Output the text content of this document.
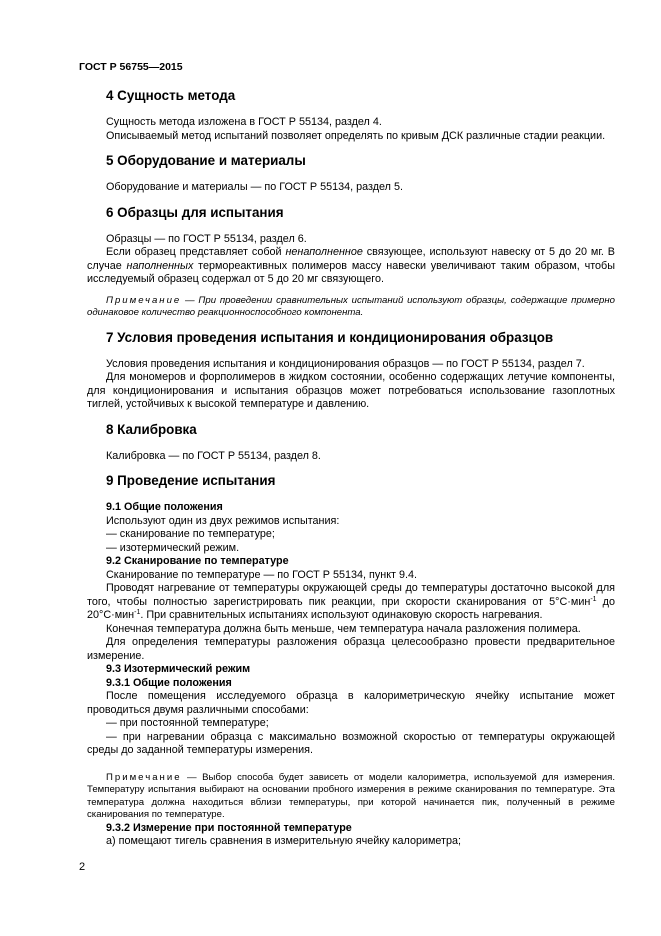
ГОСТ Р 56755—2015
4 Сущность метода

Сущность метода изложена в ГОСТ Р 55134, раздел 4.

Описываемый метод испытаний позволяет определять по кривым ДСК различные стадии реакции.

5 Оборудование и материалы

Оборудование и материалы — по ГОСТ Р 55134, раздел 5.

6 Образцы для испытания

Образцы — по ГОСТ Р 55134, раздел 6.

Если образец представляет собой ненаполненное связующее, используют навеску от 5 до 20 мг. В случае наполненных термореактивных полимеров массу навески увеличивают таким образом, чтобы исследуемый образец содержал от 5 до 20 мг связующего.

Примечание — При проведении сравнительных испытаний используют образцы, содержащие примерно одинаковое количество реакционноспособного компонента.
7 Условия проведения испытания и кондиционирования образцов

Условия проведения испытания и кондиционирования образцов — по ГОСТ Р 55134, раздел 7.

Для мономеров и форполимеров в жидком состоянии, особенно содержащих летучие компоненты, для кондиционирования и испытания образцов может потребоваться использование газоплотных тиглей, устойчивых к высокой температуре и давлению.

8 Калибровка

Калибровка — по ГОСТ Р 55134, раздел 8.

9 Проведение испытания

9.1 Общие положения

Используют один из двух режимов испытания:

— сканирование по температуре;

— изотермический режим.

9.2 Сканирование по температуре

Сканирование по температуре — по ГОСТ Р 55134, пункт 9.4.

Проводят нагревание от температуры окружающей среды до температуры достаточно высокой для того, чтобы полностью зарегистрировать пик реакции, при скорости сканирования от 5°С·мин$^{-1}$ до 20°С·мин$^{-1}$. При сравнительных испытаниях используют одинаковую скорость нагревания.

Конечная температура должна быть меньше, чем температура начала разложения полимера.

Для определения температуры разложения образца целесообразно провести предварительное измерение.

9.3 Изотермический режим

9.3.1 Общие положения

После помещения исследуемого образца в калориметрическую ячейку испытание может проводиться двумя различными способами:

— при постоянной температуре;

— при нагревании образца с максимально возможной скоростью от температуры окружающей среды до заданной температуры измерения.

Примечание — Выбор способа будет зависеть от модели калориметра, используемой для измерения. Температуру испытания выбирают на основании пробного измерения в режиме сканирования по температуре. Эта температура должна находиться вблизи температуры, при которой начинается пик, полученный в режиме сканирования по температуре.

9.3.2 Измерение при постоянной температуре

а) помещают тигель сравнения в измерительную ячейку калориметра;

2
